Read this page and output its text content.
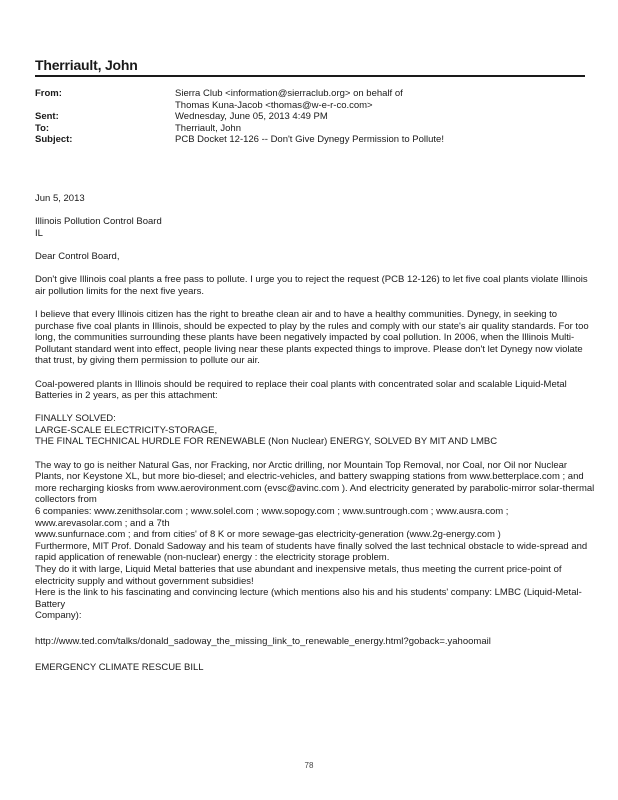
Therriault, John
From:	Sierra Club <information@sierraclub.org> on behalf of Thomas Kuna-Jacob <thomas@w-e-r-co.com>
Sent:	Wednesday, June 05, 2013 4:49 PM
To:	Therriault, John
Subject:	PCB Docket 12-126 -- Don't Give Dynegy Permission to Pollute!

Jun 5, 2013

Illinois Pollution Control Board

IL

Dear Control Board,

Don't give Illinois coal plants a free pass to pollute. I urge you to reject the request (PCB 12-126) to let five coal plants violate Illinois air pollution limits for the next five years.

I believe that every Illinois citizen has the right to breathe clean air and to have a healthy communities. Dynegy, in seeking to purchase five coal plants in Illinois, should be expected to play by the rules and comply with our state's air quality standards. For too long, the communities surrounding these plants have been negatively impacted by coal pollution. In 2006, when the Illinois Multi-Pollutant standard went into effect, people living near these plants expected things to improve. Please don't let Dynegy now violate that trust, by giving them permission to pollute our air.

Coal-powered plants in Illinois should be required to replace their coal plants with concentrated solar and scalable Liquid-Metal Batteries in 2 years, as per this attachment:

FINALLY SOLVED:

LARGE-SCALE ELECTRICITY-STORAGE,

THE FINAL TECHNICAL HURDLE FOR RENEWABLE (Non Nuclear) ENERGY, SOLVED BY MIT AND LMBC

The way to go is neither Natural Gas, nor Fracking, nor Arctic drilling, nor Mountain Top Removal, nor Coal, nor Oil nor Nuclear Plants, nor Keystone XL, but more bio-diesel; and electric-vehicles, and battery swapping stations from www.betterplace.com ; and more recharging kiosks from www.aerovironment.com (evsc@avinc.com ). And electricity generated by parabolic-mirror solar-thermal collectors from

6 companies: www.zenithsolar.com ; www.solel.com ; www.sopogy.com ; www.suntrough.com ; www.ausra.com ; www.arevasolar.com ; and a 7th

www.sunfurnace.com ; and from cities' of 8 K or more sewage-gas electricity-generation (www.2g-energy.com )

Furthermore, MIT Prof. Donald Sadoway and his team of students have finally solved the last technical obstacle to wide-spread and rapid application of renewable (non-nuclear) energy : the electricity storage problem.

They do it with large, Liquid Metal batteries that use abundant and inexpensive metals, thus meeting the current price-point of electricity supply and without government subsidies!

Here is the link to his fascinating and convincing lecture (which mentions also his and his students' company: LMBC (Liquid-Metal-Battery

Company):

http://www.ted.com/talks/donald_sadoway_the_missing_link_to_renewable_energy.html?goback=.yahoomail

EMERGENCY CLIMATE RESCUE BILL

78
